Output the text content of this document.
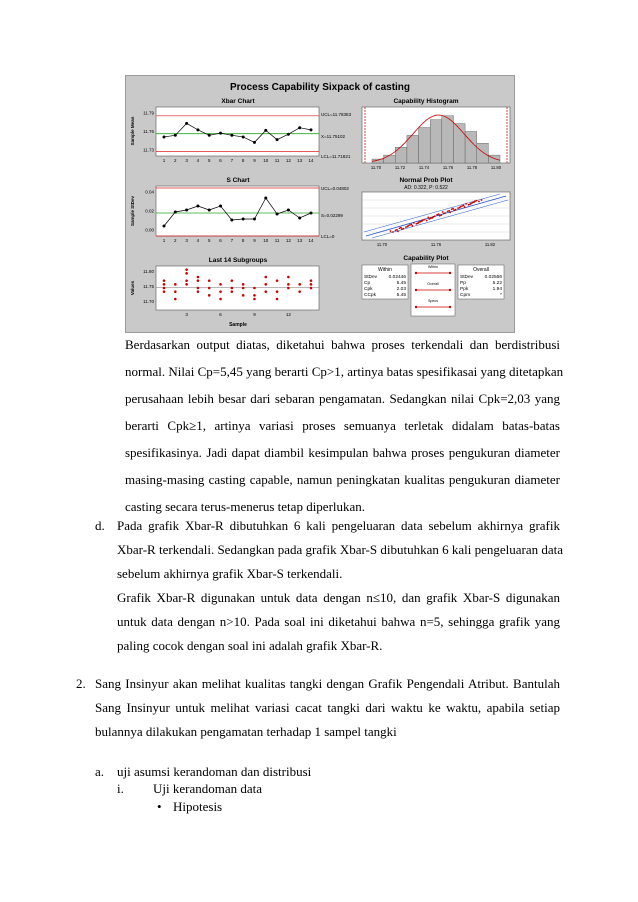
Process Capability Sixpack of casting
Xbar Chart
Sample Mean
1 2 3 4 5 6 7 8 9 10 11 12 13 14
11.79
11.76
11.73
UCL=11.78383
X=11.75102
LCL=11.71821
S Chart
Sample StDev
1 2 3 4 5 6 7 8 9 10 11 12 13 14
0.04
0.02
0.00
UCL=0.04802
S=0.02299
LCL=0
Last 14 Subgroups
Values
Sample
3	6	9	12
11.80
11.75
11.70
Capability Histogram
11.70	11.72	11.74	11.76	11.78	11.80
Normal Prob Plot
AD: 0.322, P: 0.522
11.70	11.76	11.82
Capability Plot
Within
StDev 0.02446
Cp	5.45
Cpk	2.03
CCpk	5.45
Overall
StDev 0.02556
Pp	5.22
Ppk	1.94
Cpm	*
Within
Overall
Specs
Berdasarkan output diatas, diketahui bahwa proses terkendali dan berdistribusi
normal. Nilai Cp=5,45 yang berarti Cp>1, artinya batas spesifikasai yang ditetapkan
perusahaan lebih besar dari sebaran pengamatan. Sedangkan nilai Cpk=2,03 yang
berarti Cpk≥1, artinya variasi proses semuanya terletak didalam batas-batas
spesifikasinya. Jadi dapat diambil kesimpulan bahwa proses pengukuran diameter
masing-masing casting capable, namun peningkatan kualitas pengukuran diameter
casting secara terus-menerus tetap diperlukan.
d. Pada grafik Xbar-R dibutuhkan 6 kali pengeluaran data sebelum akhirnya grafik
Xbar-R terkendali. Sedangkan pada grafik Xbar-S dibutuhkan 6 kali pengeluaran data
sebelum akhirnya grafik Xbar-S terkendali.
Grafik Xbar-R digunakan untuk data dengan n≤10, dan grafik Xbar-S digunakan
untuk data dengan n>10. Pada soal ini diketahui bahwa n=5, sehingga grafik yang
paling cocok dengan soal ini adalah grafik Xbar-R.
2. Sang Insinyur akan melihat kualitas tangki dengan Grafik Pengendali Atribut. Bantulah
Sang Insinyur untuk melihat variasi cacat tangki dari waktu ke waktu, apabila setiap
bulannya dilakukan pengamatan terhadap 1 sampel tangki
a. uji asumsi kerandoman dan distribusi
i. Uji kerandoman data
• Hipotesis
